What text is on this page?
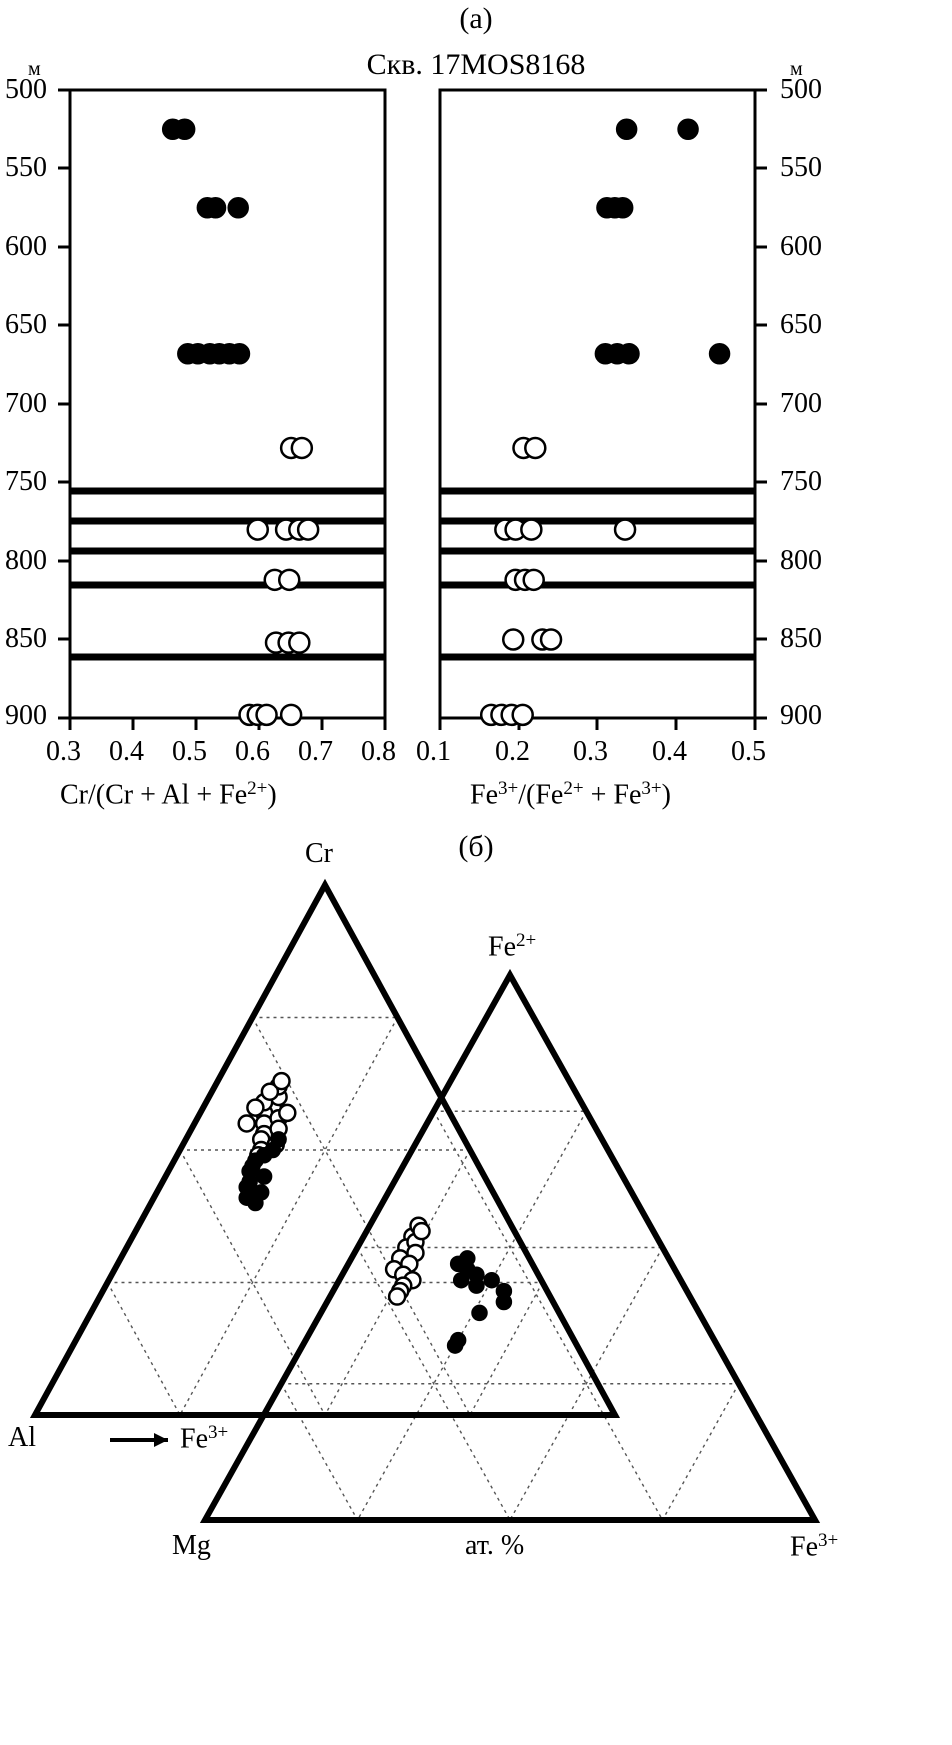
(а)
Скв. 17MOS8168
м	м
500
550
600
650
700
750
800
850
900
500
550
600
650
700
750
800
850
900
0.3 0.4 0.5 0.6 0.7 0.8 0.1 0.2 0.3 0.4 0.5
$Cr/(Cr + Al + Fe^{2+})$	$Fe^{3+}/(Fe^{2+} + Fe^{3+})$
(б)
Cr
$Fe^{2+}$
Al	$Fe^{3+}$
Mg	ат. %	$Fe^{3+}$
